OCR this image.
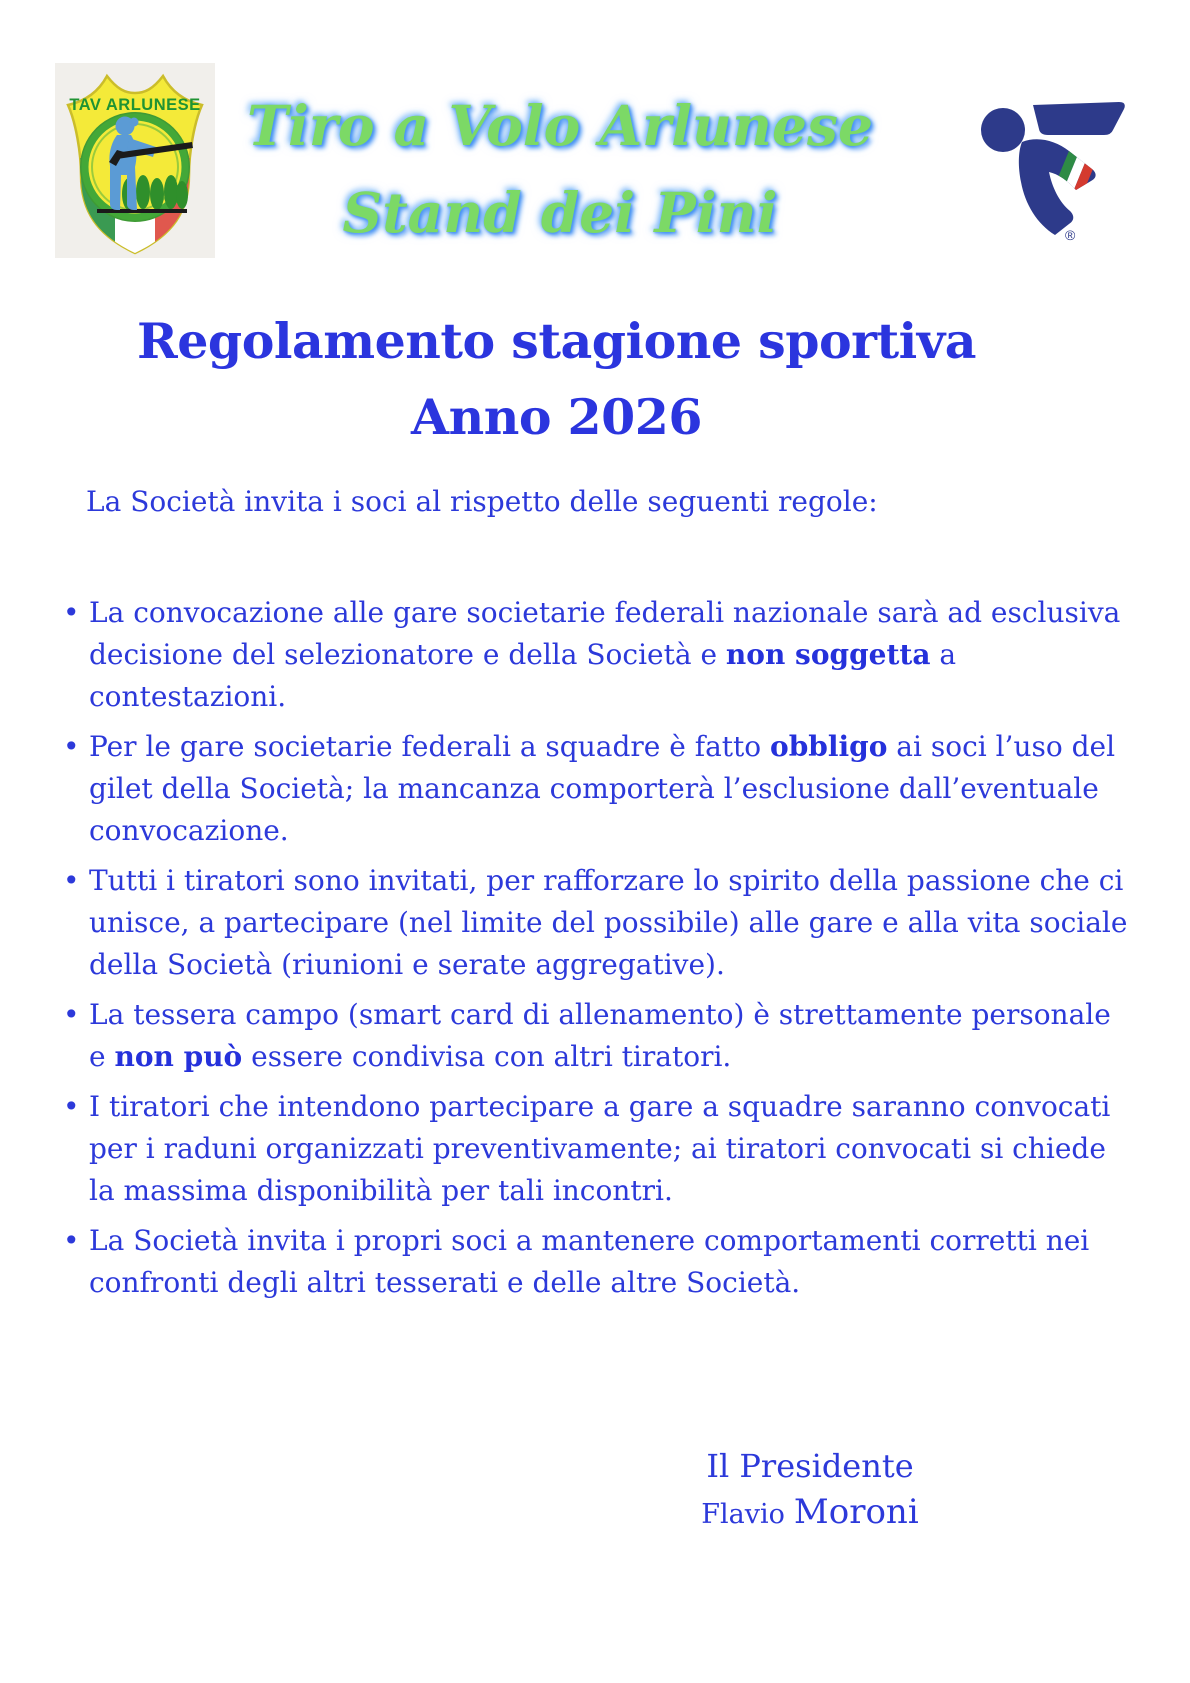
TAV ARLUNESE Tiro a Volo Arlunese
Stand dei Pini	®
Regolamento stagione sportiva
Anno 2026

La Società invita i soci al rispetto delle seguenti regole:

• La convocazione alle gare societarie federali nazionale sarà ad esclusiva decisione del selezionatore e della Società e non soggetta a contestazioni.
• Per le gare societarie federali a squadre è fatto obbligo ai soci l’uso del gilet della Società; la mancanza comporterà l’esclusione dall’eventuale convocazione.
• Tutti i tiratori sono invitati, per rafforzare lo spirito della passione che ci unisce, a partecipare (nel limite del possibile) alle gare e alla vita sociale della Società (riunioni e serate aggregative).
• La tessera campo (smart card di allenamento) è strettamente personale e non può essere condivisa con altri tiratori.
• I tiratori che intendono partecipare a gare a squadre saranno convocati per i raduni organizzati preventivamente; ai tiratori convocati si chiede la massima disponibilità per tali incontri.
• La Società invita i propri soci a mantenere comportamenti corretti nei confronti degli altri tesserati e delle altre Società.
Il Presidente
Flavio Moroni
